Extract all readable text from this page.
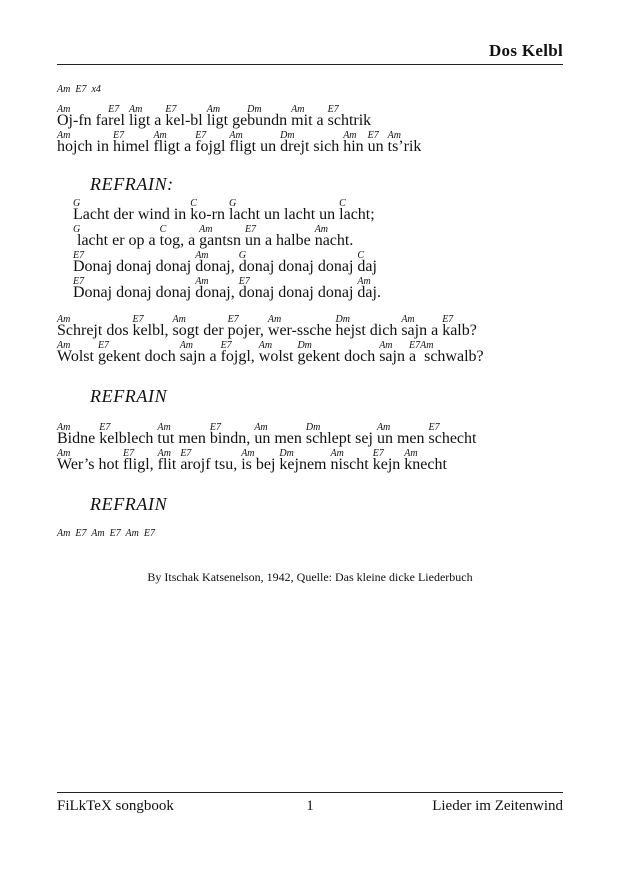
Dos Kelbl
Am  E7  x4
Am
Oj-fn fa
E7
rel
Am
ligt a
E7
kel-bl
Am
ligt ge
Dm
bundn
Am
mit a
E7
schtrik
Am
hojch in
E7
himel
Am
fligt a
E7
fojgl
Am
fligt un
Dm
drejt sich
Am
hin
E7
un
Am
ts’rik
REFRAIN:
G
Lacht der wind in
C
ko-rn
G
lacht un lacht un
C
lacht;
G
lacht er op a
C
tog, a
Am
gantsn
E7
un a halbe
Am
nacht.
E7
Donaj donaj donaj
Am
donaj,
G
donaj donaj donaj
C
daj
E7
Donaj donaj donaj
Am
donaj,
E7
donaj donaj donaj
Am
daj.
Am
Schrejt dos
E7
kelbl,
Am
sogt der
E7
pojer,
Am
wer-ssche
Dm
hejst dich
Am
sajn a
E7
kalb?
Am
Wolst
E7
gekent doch
Am
sajn a
E7
fojgl,
Am
wolst
Dm
gekent doch
Am
sajn
E7
a
Am
schwalb?
REFRAIN
Am
Bidne
E7
kelblech
Am
tut men
E7
bindn,
Am
un men
Dm
schlept sej
Am
un men
E7
schecht
Am
Wer’s hot
E7
fligl,
Am
flit
E7
arojf tsu,
Am
is bej
Dm
kejnem
Am
nischt
E7
kejn
Am
knecht
REFRAIN
Am  E7  Am  E7  Am  E7
By Itschak Katsenelson, 1942, Quelle: Das kleine dicke Liederbuch
FiLkTeX songbook	1	Lieder im Zeitenwind
